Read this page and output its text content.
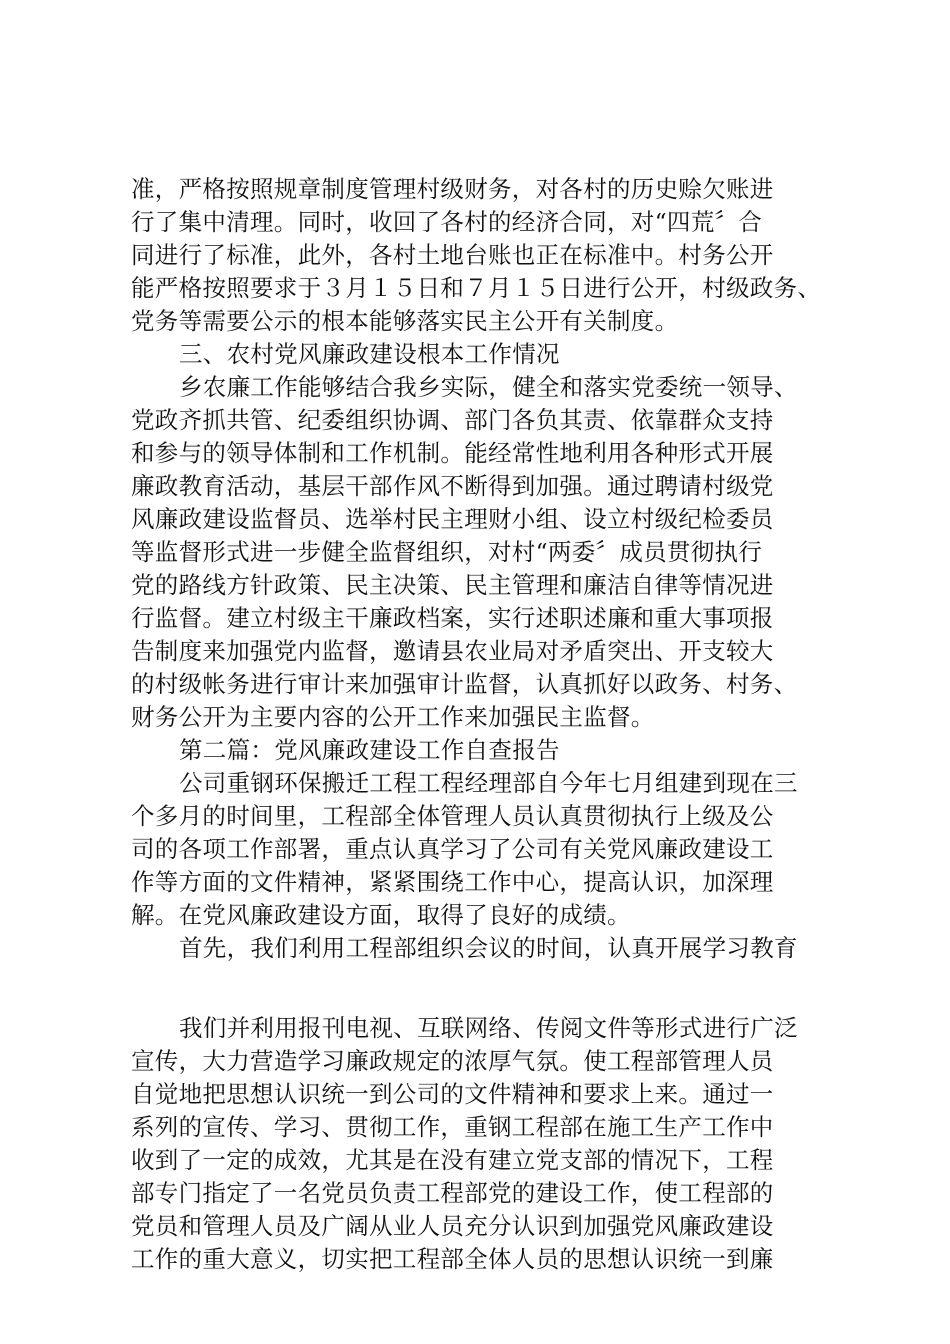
准，严格按照规章制度管理村级财务，对各村的历史赊欠账进
行了集中清理。同时，收回了各村的经济合同，对“四荒〞合
同进行了标准，此外，各村土地台账也正在标准中。村务公开
能严格按照要求于３月１５日和７月１５日进行公开，村级政务、
党务等需要公示的根本能够落实民主公开有关制度。
三、农村党风廉政建设根本工作情况
乡农廉工作能够结合我乡实际，健全和落实党委统一领导、
党政齐抓共管、纪委组织协调、部门各负其责、依靠群众支持
和参与的领导体制和工作机制。能经常性地利用各种形式开展
廉政教育活动，基层干部作风不断得到加强。通过聘请村级党
风廉政建设监督员、选举村民主理财小组、设立村级纪检委员
等监督形式进一步健全监督组织，对村“两委〞成员贯彻执行
党的路线方针政策、民主决策、民主管理和廉洁自律等情况进
行监督。建立村级主干廉政档案，实行述职述廉和重大事项报
告制度来加强党内监督，邀请县农业局对矛盾突出、开支较大
的村级帐务进行审计来加强审计监督，认真抓好以政务、村务、
财务公开为主要内容的公开工作来加强民主监督。
第二篇：党风廉政建设工作自查报告
公司重钢环保搬迁工程工程经理部自今年七月组建到现在三
个多月的时间里，工程部全体管理人员认真贯彻执行上级及公
司的各项工作部署，重点认真学习了公司有关党风廉政建设工
作等方面的文件精神，紧紧围绕工作中心，提高认识，加深理
解。在党风廉政建设方面，取得了良好的成绩。
首先，我们利用工程部组织会议的时间，认真开展学习教育
我们并利用报刊电视、互联网络、传阅文件等形式进行广泛
宣传，大力营造学习廉政规定的浓厚气氛。使工程部管理人员
自觉地把思想认识统一到公司的文件精神和要求上来。通过一
系列的宣传、学习、贯彻工作，重钢工程部在施工生产工作中
收到了一定的成效，尤其是在没有建立党支部的情况下，工程
部专门指定了一名党员负责工程部党的建设工作，使工程部的
党员和管理人员及广阔从业人员充分认识到加强党风廉政建设
工作的重大意义，切实把工程部全体人员的思想认识统一到廉
